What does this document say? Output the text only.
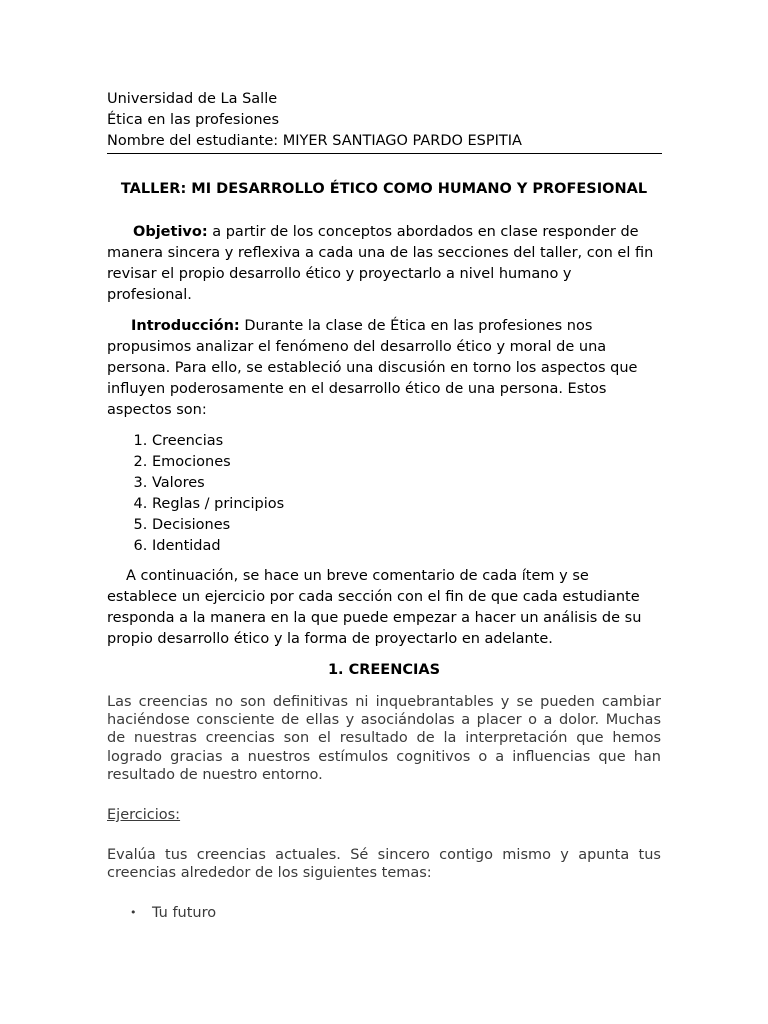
Universidad de La Salle
Ética en las profesiones
Nombre del estudiante: MIYER SANTIAGO PARDO ESPITIA
TALLER: MI DESARROLLO ÉTICO COMO HUMANO Y PROFESIONAL

Objetivo: a partir de los conceptos abordados en clase responder de manera sincera y reflexiva a cada una de las secciones del taller, con el fin revisar el propio desarrollo ético y proyectarlo a nivel humano y profesional.

Introducción: Durante la clase de Ética en las profesiones nos propusimos analizar el fenómeno del desarrollo ético y moral de una persona. Para ello, se estableció una discusión en torno los aspectos que influyen poderosamente en el desarrollo ético de una persona. Estos aspectos son:

1. Creencias
2. Emociones
3. Valores
4. Reglas / principios
5. Decisiones
6. Identidad

A continuación, se hace un breve comentario de cada ítem y se establece un ejercicio por cada sección con el fin de que cada estudiante responda a la manera en la que puede empezar a hacer un análisis de su propio desarrollo ético y la forma de proyectarlo en adelante.

1. CREENCIAS
Las creencias no son definitivas ni inquebrantables y se pueden cambiar haciéndose consciente de ellas y asociándolas a placer o a dolor. Muchas de nuestras creencias son el resultado de la interpretación que hemos logrado gracias a nuestros estímulos cognitivos o a influencias que han resultado de nuestro entorno.
Ejercicios:
Evalúa tus creencias actuales. Sé sincero contigo mismo y apunta tus creencias alrededor de los siguientes temas:
• Tu futuro
